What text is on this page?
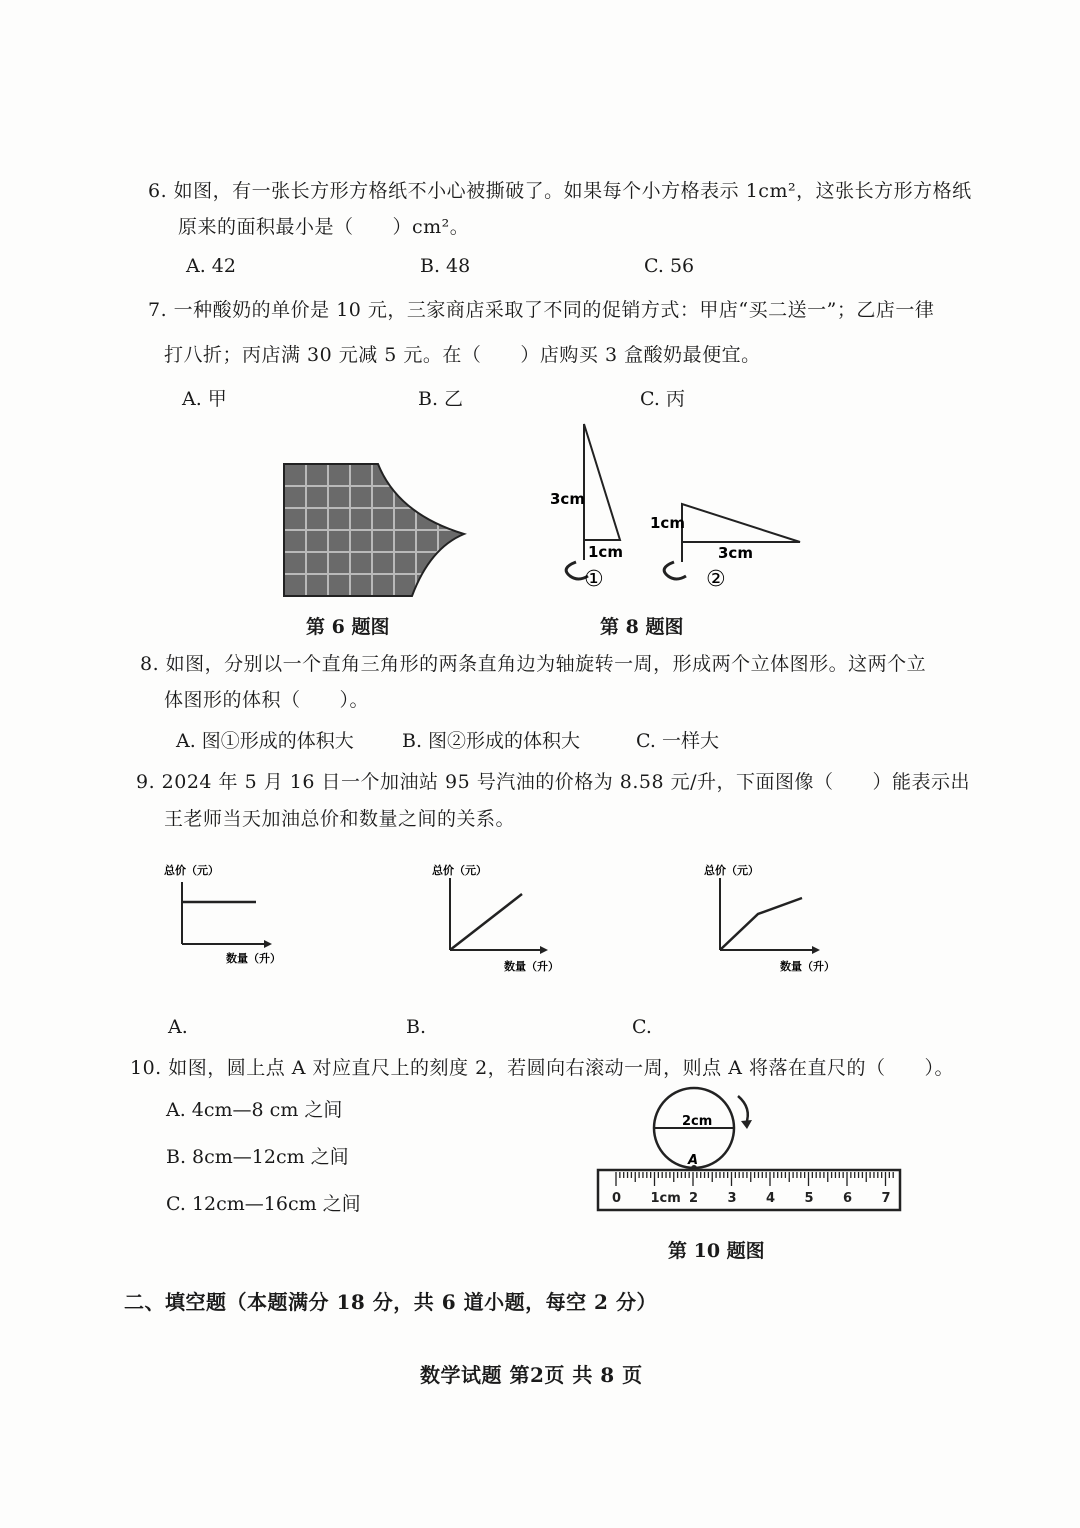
6. 如图，有一张长方形方格纸不小心被撕破了。如果每个小方格表示 1cm²，这张长方形方格纸
原来的面积最小是（　　）cm²。
A. 42	B. 48	C. 56
7. 一种酸奶的单价是 10 元，三家商店采取了不同的促销方式：甲店“买二送一”；乙店一律
打八折；丙店满 30 元减 5 元。在（　　）店购买 3 盒酸奶最便宜。
A. 甲	B. 乙	C. 丙
第 6 题图
3cm
1cm
①
1cm
3cm
②
第 8 题图
8. 如图，分别以一个直角三角形的两条直角边为轴旋转一周，形成两个立体图形。这两个立
体图形的体积（　　）。
A. 图①形成的体积大	B. 图②形成的体积大	C. 一样大
9. 2024 年 5 月 16 日一个加油站 95 号汽油的价格为 8.58 元/升，下面图像（　　）能表示出
王老师当天加油总价和数量之间的关系。
总价（元）
数量（升）
A.
总价（元）
数量（升）
B.
总价（元）
数量（升）
C.
10. 如图，圆上点 A 对应直尺上的刻度 2，若圆向右滚动一周，则点 A 将落在直尺的（　　）。
A. 4cm—8 cm 之间
B. 8cm—12cm 之间
C. 12cm—16cm 之间
2cm
A
0 1cm 2 3 4 5 6 7
第 10 题图
二、填空题（本题满分 18 分，共 6 道小题，每空 2 分）
数学试题 第2页 共 8 页
